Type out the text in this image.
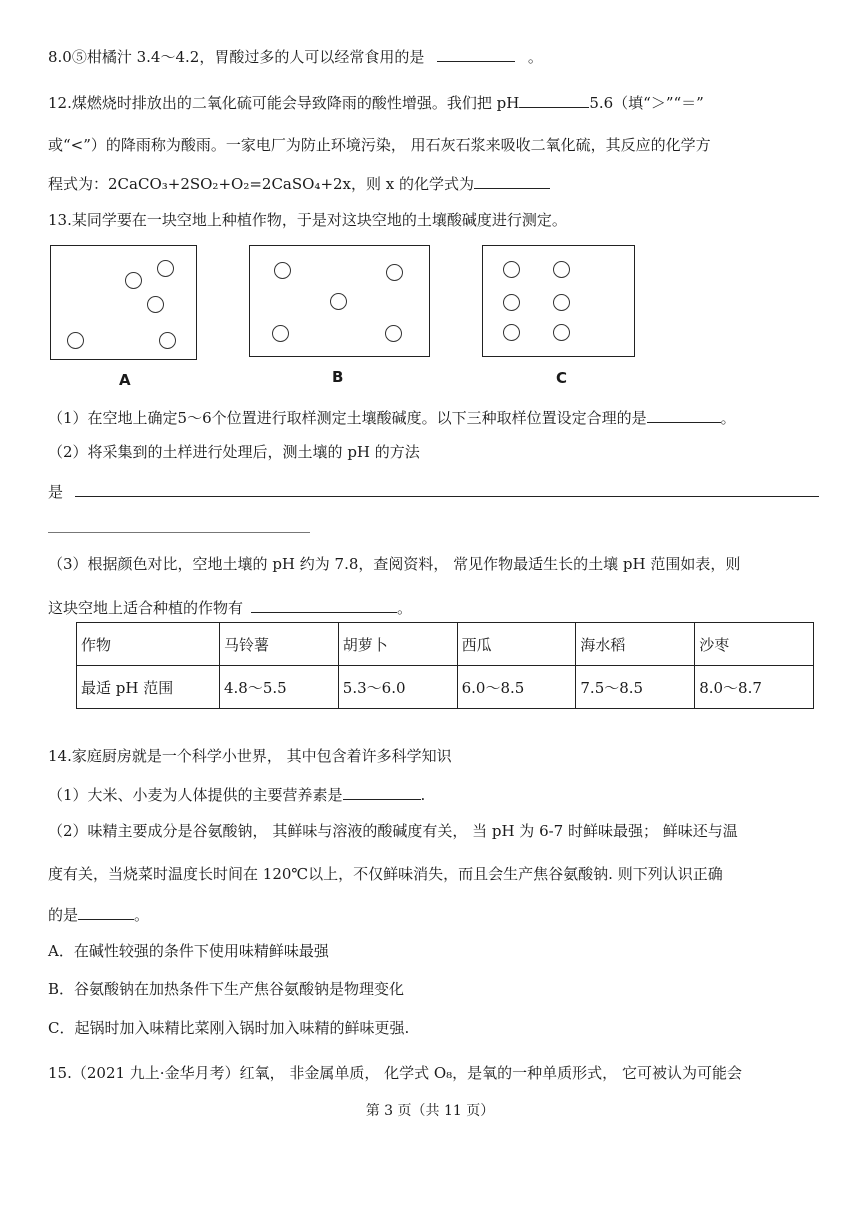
8.0⑤柑橘汁 3.4～4.2，胃酸过多的人可以经常食用的是	。
12.煤燃烧时排放出的二氧化硫可能会导致降雨的酸性增强。我们把 pH	5.6（填“＞”“＝”
或“<”）的降雨称为酸雨。一家电厂为防止环境污染， 用石灰石浆来吸收二氧化硫，其反应的化学方
程式为：2CaCO₃+2SO₂+O₂=2CaSO₄+2x，则 x 的化学式为
13.某同学要在一块空地上种植作物，于是对这块空地的土壤酸碱度进行测定。
A	B	C
（1）在空地上确定5～6个位置进行取样测定土壤酸碱度。以下三种取样位置设定合理的是	。
（2）将采集到的土样进行处理后，测土壤的 pH 的方法
是
（3）根据颜色对比，空地土壤的 pH 约为 7.8，查阅资料， 常见作物最适生长的土壤 pH 范围如表，则
这块空地上适合种植的作物有	。
作物	马铃薯	胡萝卜	西瓜	海水稻	沙枣
最适 pH 范围	4.8～5.5	5.3～6.0	6.0～8.5	7.5～8.5	8.0～8.7
14.家庭厨房就是一个科学小世界， 其中包含着许多科学知识
（1）大米、小麦为人体提供的主要营养素是	.
（2）味精主要成分是谷氨酸钠， 其鲜味与溶液的酸碱度有关， 当 pH 为 6-7 时鲜味最强； 鲜味还与温
度有关，当烧菜时温度长时间在 120℃以上，不仅鲜味消失，而且会生产焦谷氨酸钠. 则下列认识正确
的是	。
A．在碱性较强的条件下使用味精鲜味最强
B．谷氨酸钠在加热条件下生产焦谷氨酸钠是物理变化
C．起锅时加入味精比菜刚入锅时加入味精的鲜味更强.
15.（2021 九上·金华月考）红氧， 非金属单质， 化学式 O₈，是氧的一种单质形式， 它可被认为可能会
第 3 页（共 11 页）
